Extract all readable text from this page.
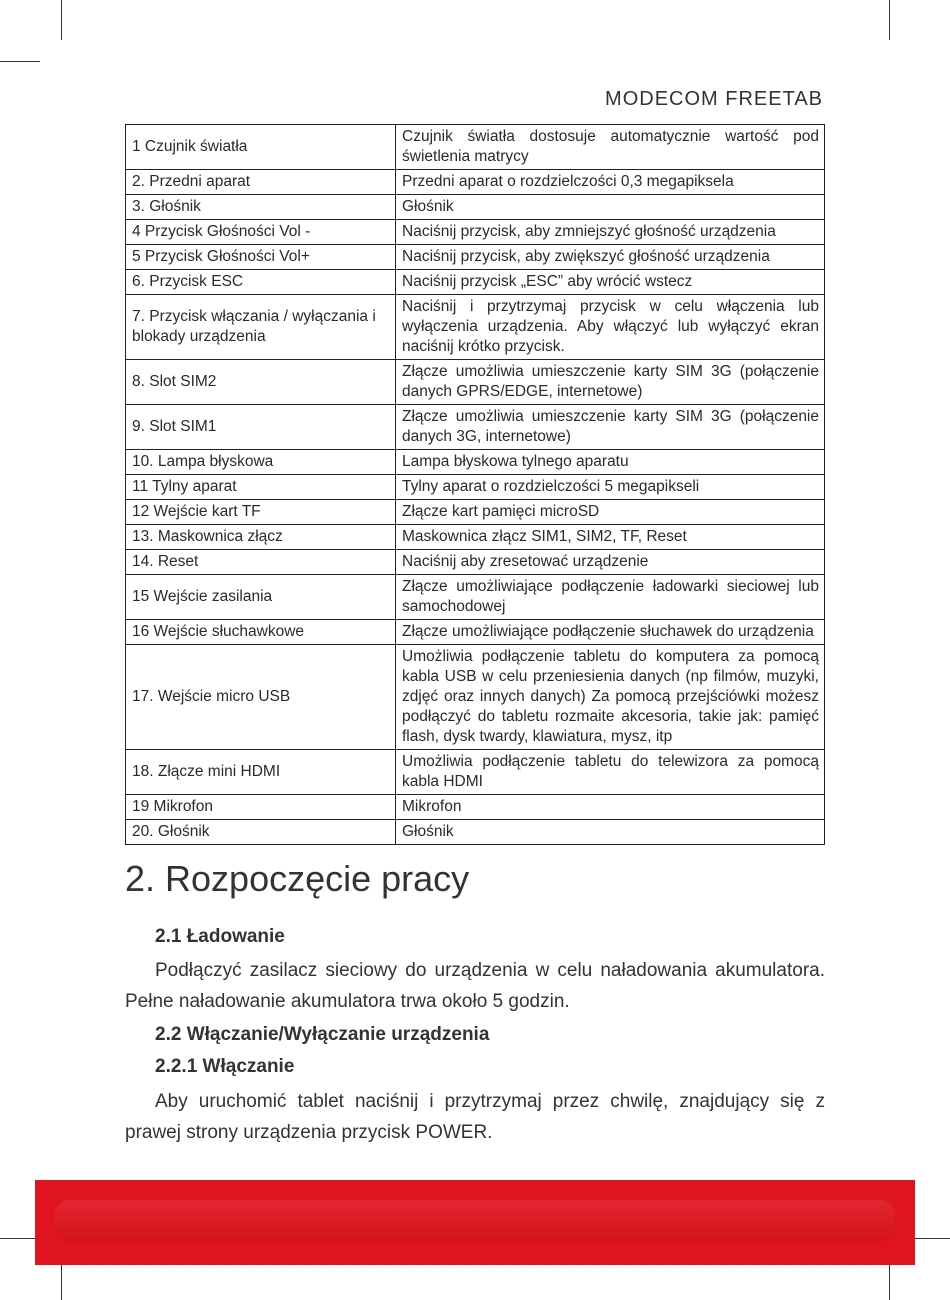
MODECOM FREETAB
1 Czujnik światła	Czujnik światła dostosuje automatycznie wartość pod świetlenia matrycy
2. Przedni aparat	Przedni aparat o rozdzielczości 0,3 megapiksela
3. Głośnik	Głośnik
4 Przycisk Głośności Vol -	Naciśnij przycisk, aby zmniejszyć głośność urządzenia
5 Przycisk Głośności Vol+	Naciśnij przycisk, aby zwiększyć głośność urządzenia
6. Przycisk ESC	Naciśnij przycisk „ESC” aby wrócić wstecz
7. Przycisk włączania / wyłączania i blokady urządzenia	Naciśnij i przytrzymaj przycisk w celu włączenia lub wyłączenia urządzenia. Aby włączyć lub wyłączyć ekran naciśnij krótko przycisk.
8. Slot SIM2	Złącze umożliwia umieszczenie karty SIM 3G (połączenie danych GPRS/EDGE, internetowe)
9. Slot SIM1	Złącze umożliwia umieszczenie karty SIM 3G (połączenie danych 3G, internetowe)
10. Lampa błyskowa	Lampa błyskowa tylnego aparatu
11 Tylny aparat	Tylny aparat o rozdzielczości 5 megapikseli
12 Wejście kart TF	Złącze kart pamięci microSD
13. Maskownica złącz	Maskownica złącz SIM1, SIM2, TF, Reset
14. Reset	Naciśnij aby zresetować urządzenie
15 Wejście zasilania	Złącze umożliwiające podłączenie ładowarki sieciowej lub samochodowej
16 Wejście słuchawkowe	Złącze umożliwiające podłączenie słuchawek do urządzenia
17. Wejście micro USB	Umożliwia podłączenie tabletu do komputera za pomocą kabla USB w celu przeniesienia danych (np filmów, muzyki, zdjęć oraz innych danych) Za pomocą przejściówki możesz podłączyć do tabletu rozmaite akcesoria, takie jak: pamięć flash, dysk twardy, klawiatura, mysz, itp
18. Złącze mini HDMI	Umożliwia podłączenie tabletu do telewizora za pomocą kabla HDMI
19 Mikrofon	Mikrofon
20. Głośnik	Głośnik
2. Rozpoczęcie pracy
2.1 Ładowanie
Podłączyć zasilacz sieciowy do urządzenia w celu naładowania akumulatora. Pełne naładowanie akumulatora trwa około 5 godzin.
2.2 Włączanie/Wyłączanie urządzenia
2.2.1 Włączanie
Aby uruchomić tablet naciśnij i przytrzymaj przez chwilę, znajdujący się z prawej strony urządzenia przycisk POWER.
